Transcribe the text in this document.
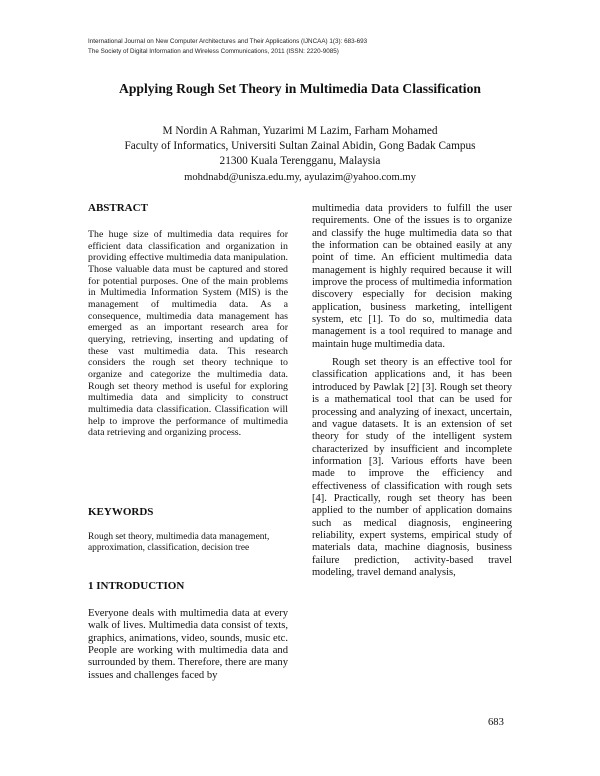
International Journal on New Computer Architectures and Their Applications (IJNCAA) 1(3): 683-693
The Society of Digital Information and Wireless Communications, 2011 (ISSN: 2220-9085)
Applying Rough Set Theory in Multimedia Data Classification
M Nordin A Rahman, Yuzarimi M Lazim, Farham Mohamed
Faculty of Informatics, Universiti Sultan Zainal Abidin, Gong Badak Campus
21300 Kuala Terengganu, Malaysia
mohdnabd@unisza.edu.my, ayulazim@yahoo.com.my
ABSTRACT

The huge size of multimedia data requires for efficient data classification and organization in providing effective multimedia data manipulation. Those valuable data must be captured and stored for potential purposes. One of the main problems in Multimedia Information System (MIS) is the management of multimedia data. As a consequence, multimedia data management has emerged as an important research area for querying, retrieving, inserting and updating of these vast multimedia data. This research considers the rough set theory technique to organize and categorize the multimedia data. Rough set theory method is useful for exploring multimedia data and simplicity to construct multimedia data classification. Classification will help to improve the performance of multimedia data retrieving and organizing process.

KEYWORDS
Rough set theory, multimedia data management, approximation, classification, decision tree
1 INTRODUCTION
Everyone deals with multimedia data at every walk of lives. Multimedia data consist of texts, graphics, animations, video, sounds, music etc. People are working with multimedia data and surrounded by them. Therefore, there are many issues and challenges faced by

multimedia data providers to fulfill the user requirements. One of the issues is to organize and classify the huge multimedia data so that the information can be obtained easily at any point of time. An efficient multimedia data management is highly required because it will improve the process of multimedia information discovery especially for decision making application, business marketing, intelligent system, etc [1]. To do so, multimedia data management is a tool required to manage and maintain huge multimedia data.

Rough set theory is an effective tool for classification applications and, it has been introduced by Pawlak [2] [3]. Rough set theory is a mathematical tool that can be used for processing and analyzing of inexact, uncertain, and vague datasets. It is an extension of set theory for study of the intelligent system characterized by insufficient and incomplete information [3]. Various efforts have been made to improve the efficiency and effectiveness of classification with rough sets [4]. Practically, rough set theory has been applied to the number of application domains such as medical diagnosis, engineering reliability, expert systems, empirical study of materials data, machine diagnosis, business failure prediction, activity-based travel modeling, travel demand analysis,

683
